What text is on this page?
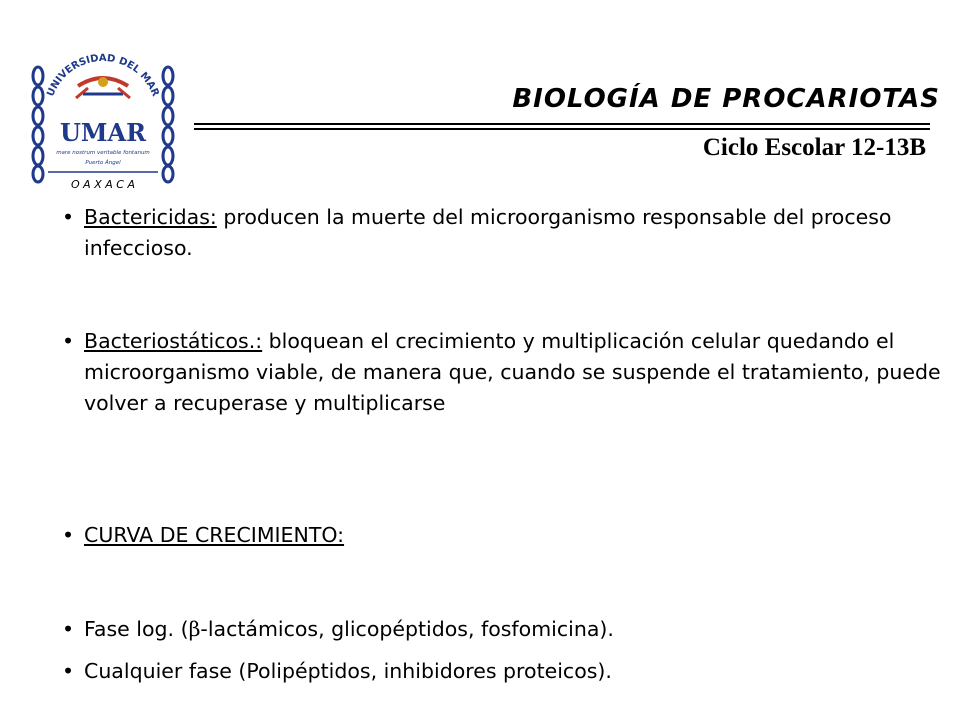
UNIVERSIDAD DEL MAR
UMAR
mare nostrum veritable fontanum
Puerto Ángel
O A X A C A
BIOLOGÍA DE PROCARIOTAS
Ciclo Escolar 12-13B
• Bactericidas: producen la muerte del microorganismo responsable del proceso infeccioso.
• Bacteriostáticos.: bloquean el crecimiento y multiplicación celular quedando el microorganismo viable, de manera que, cuando se suspende el tratamiento, puede volver a recuperase y multiplicarse
• CURVA DE CRECIMIENTO:
• Fase log. (β-lactámicos, glicopéptidos, fosfomicina).
• Cualquier fase (Polipéptidos, inhibidores proteicos).
